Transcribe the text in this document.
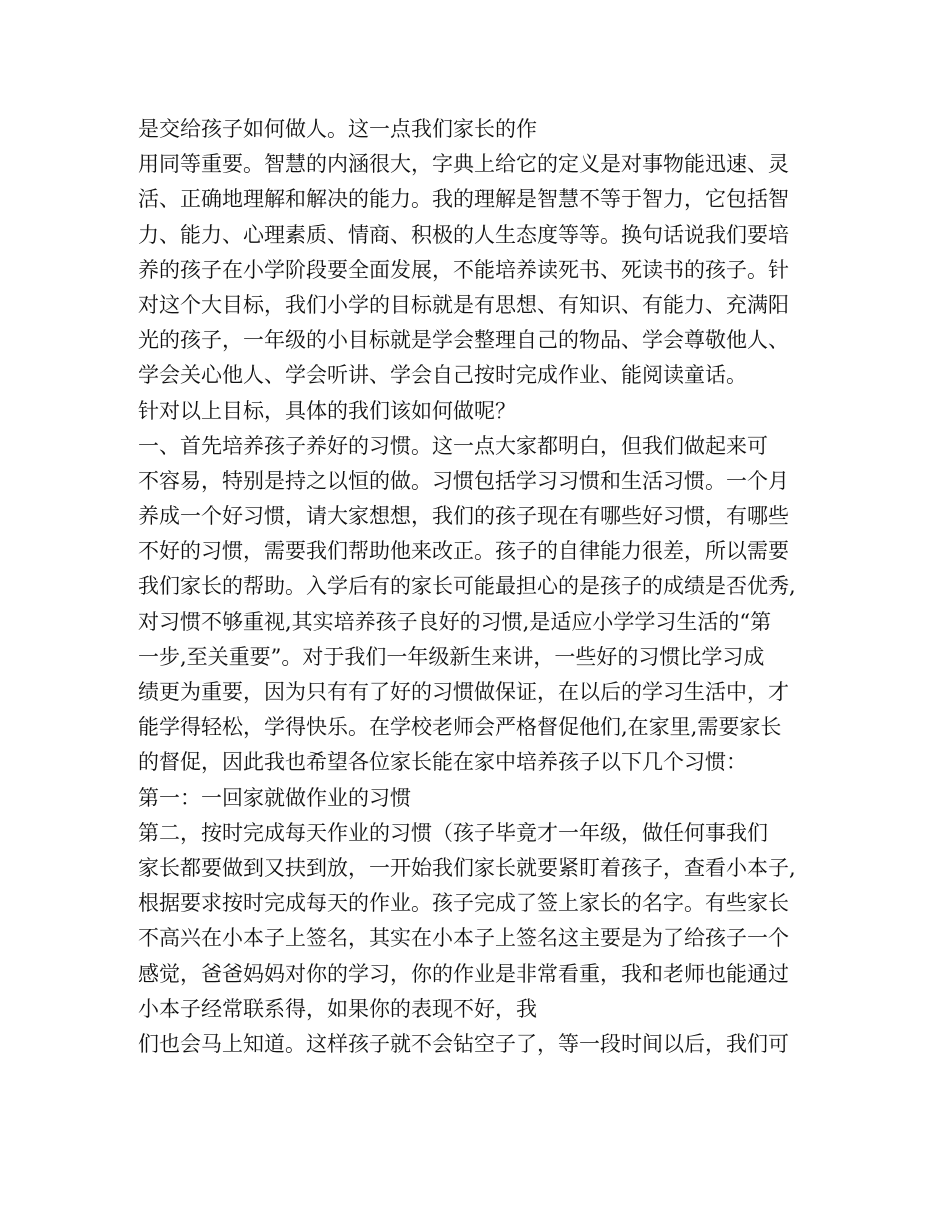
是交给孩子如何做人。这一点我们家长的作
用同等重要。智慧的内涵很大，字典上给它的定义是对事物能迅速、灵
活、正确地理解和解决的能力。我的理解是智慧不等于智力，它包括智
力、能力、心理素质、情商、积极的人生态度等等。换句话说我们要培
养的孩子在小学阶段要全面发展，不能培养读死书、死读书的孩子。针
对这个大目标，我们小学的目标就是有思想、有知识、有能力、充满阳
光的孩子，一年级的小目标就是学会整理自己的物品、学会尊敬他人、
学会关心他人、学会听讲、学会自己按时完成作业、能阅读童话。
针对以上目标，具体的我们该如何做呢？
一、首先培养孩子养好的习惯。这一点大家都明白，但我们做起来可
不容易，特别是持之以恒的做。习惯包括学习习惯和生活习惯。一个月
养成一个好习惯，请大家想想，我们的孩子现在有哪些好习惯，有哪些
不好的习惯，需要我们帮助他来改正。孩子的自律能力很差，所以需要
我们家长的帮助。入学后有的家长可能最担心的是孩子的成绩是否优秀,
对习惯不够重视,其实培养孩子良好的习惯,是适应小学学习生活的“第
一步,至关重要”。对于我们一年级新生来讲，一些好的习惯比学习成
绩更为重要，因为只有有了好的习惯做保证，在以后的学习生活中，才
能学得轻松，学得快乐。在学校老师会严格督促他们,在家里,需要家长
的督促，因此我也希望各位家长能在家中培养孩子以下几个习惯：
第一：一回家就做作业的习惯
第二，按时完成每天作业的习惯（孩子毕竟才一年级，做任何事我们
家长都要做到又扶到放，一开始我们家长就要紧盯着孩子，查看小本子,
根据要求按时完成每天的作业。孩子完成了签上家长的名字。有些家长
不高兴在小本子上签名，其实在小本子上签名这主要是为了给孩子一个
感觉，爸爸妈妈对你的学习，你的作业是非常看重，我和老师也能通过
小本子经常联系得，如果你的表现不好，我
们也会马上知道。这样孩子就不会钻空子了，等一段时间以后，我们可
